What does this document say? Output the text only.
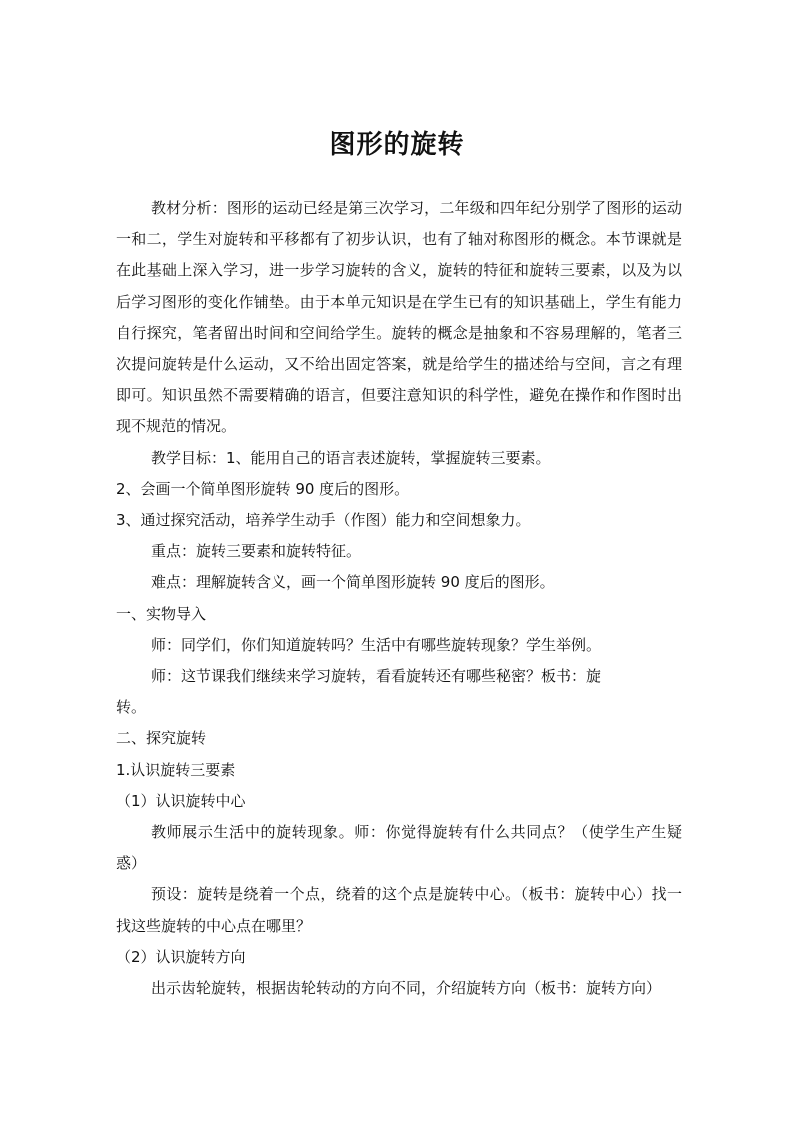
图形的旋转

教材分析：图形的运动已经是第三次学习，二年级和四年纪分别学了图形的运动一和二，学生对旋转和平移都有了初步认识，也有了轴对称图形的概念。本节课就是在此基础上深入学习，进一步学习旋转的含义，旋转的特征和旋转三要素，以及为以后学习图形的变化作铺垫。由于本单元知识是在学生已有的知识基础上，学生有能力自行探究，笔者留出时间和空间给学生。旋转的概念是抽象和不容易理解的，笔者三次提问旋转是什么运动，又不给出固定答案，就是给学生的描述给与空间，言之有理即可。知识虽然不需要精确的语言，但要注意知识的科学性，避免在操作和作图时出现不规范的情况。

教学目标：1、能用自己的语言表述旋转，掌握旋转三要素。

2、会画一个简单图形旋转 90 度后的图形。

3、通过探究活动，培养学生动手（作图）能力和空间想象力。

重点：旋转三要素和旋转特征。

难点：理解旋转含义，画一个简单图形旋转 90 度后的图形。

一、实物导入

师：同学们，你们知道旋转吗？生活中有哪些旋转现象？学生举例。

师：这节课我们继续来学习旋转，看看旋转还有哪些秘密？板书：旋

转。

二、探究旋转

1.认识旋转三要素

（1）认识旋转中心

教师展示生活中的旋转现象。师：你觉得旋转有什么共同点？（使学生产生疑惑）

预设：旋转是绕着一个点，绕着的这个点是旋转中心。（板书：旋转中心）找一找这些旋转的中心点在哪里？

（2）认识旋转方向

出示齿轮旋转，根据齿轮转动的方向不同，介绍旋转方向（板书：旋转方向）
